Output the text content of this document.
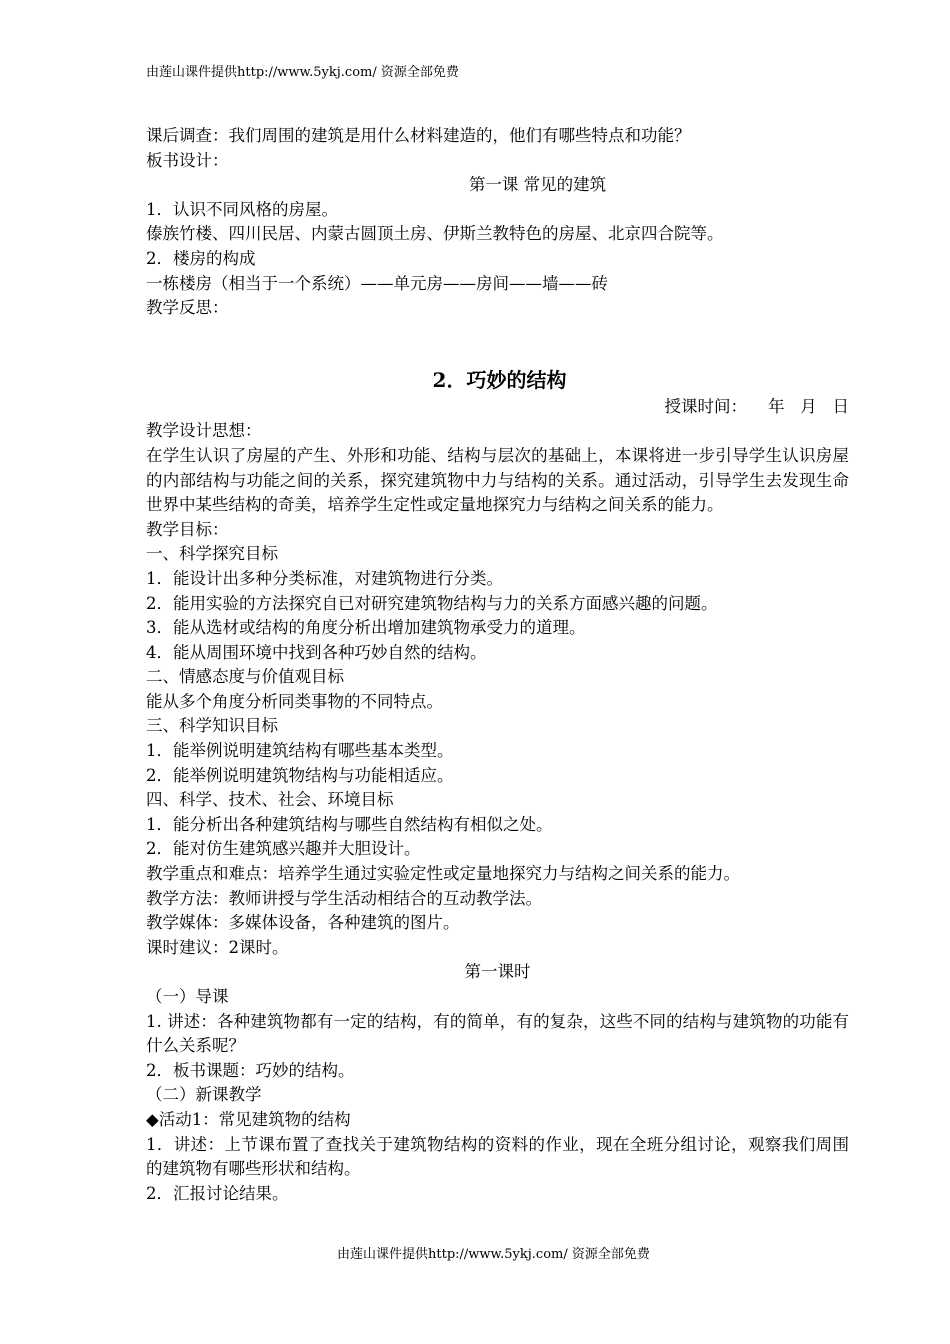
由莲山课件提供http://www.5ykj.com/ 资源全部免费

课后调查：我们周围的建筑是用什么材料建造的，他们有哪些特点和功能？

板书设计：

第一课 常见的建筑

1．认识不同风格的房屋。

傣族竹楼、四川民居、内蒙古圆顶土房、伊斯兰教特色的房屋、北京四合院等。

2．楼房的构成

一栋楼房（相当于一个系统）——单元房——房间——墙——砖

教学反思：

2．巧妙的结构

授课时间：    年   月   日

教学设计思想：

在学生认识了房屋的产生、外形和功能、结构与层次的基础上，本课将进一步引导学生认识房屋的内部结构与功能之间的关系，探究建筑物中力与结构的关系。通过活动，引导学生去发现生命世界中某些结构的奇美，培养学生定性或定量地探究力与结构之间关系的能力。

教学目标：

一、科学探究目标

1．能设计出多种分类标准，对建筑物进行分类。

2．能用实验的方法探究自已对研究建筑物结构与力的关系方面感兴趣的问题。

3．能从选材或结构的角度分析出增加建筑物承受力的道理。

4．能从周围环境中找到各种巧妙自然的结构。

二、情感态度与价值观目标

能从多个角度分析同类事物的不同特点。

三、科学知识目标

1．能举例说明建筑结构有哪些基本类型。

2．能举例说明建筑物结构与功能相适应。

四、科学、技术、社会、环境目标

1．能分析出各种建筑结构与哪些自然结构有相似之处。

2．能对仿生建筑感兴趣并大胆设计。

教学重点和难点：培养学生通过实验定性或定量地探究力与结构之间关系的能力。

教学方法：教师讲授与学生活动相结合的互动教学法。

教学媒体：多媒体设备，各种建筑的图片。

课时建议：2课时。

第一课时

（一）导课

1. 讲述：各种建筑物都有一定的结构，有的简单，有的复杂，这些不同的结构与建筑物的功能有什么关系呢？

2．板书课题：巧妙的结构。

（二）新课教学

◆活动1：常见建筑物的结构

1．讲述：上节课布置了查找关于建筑物结构的资料的作业，现在全班分组讨论，观察我们周围的建筑物有哪些形状和结构。

2．汇报讨论结果。

由莲山课件提供http://www.5ykj.com/ 资源全部免费
